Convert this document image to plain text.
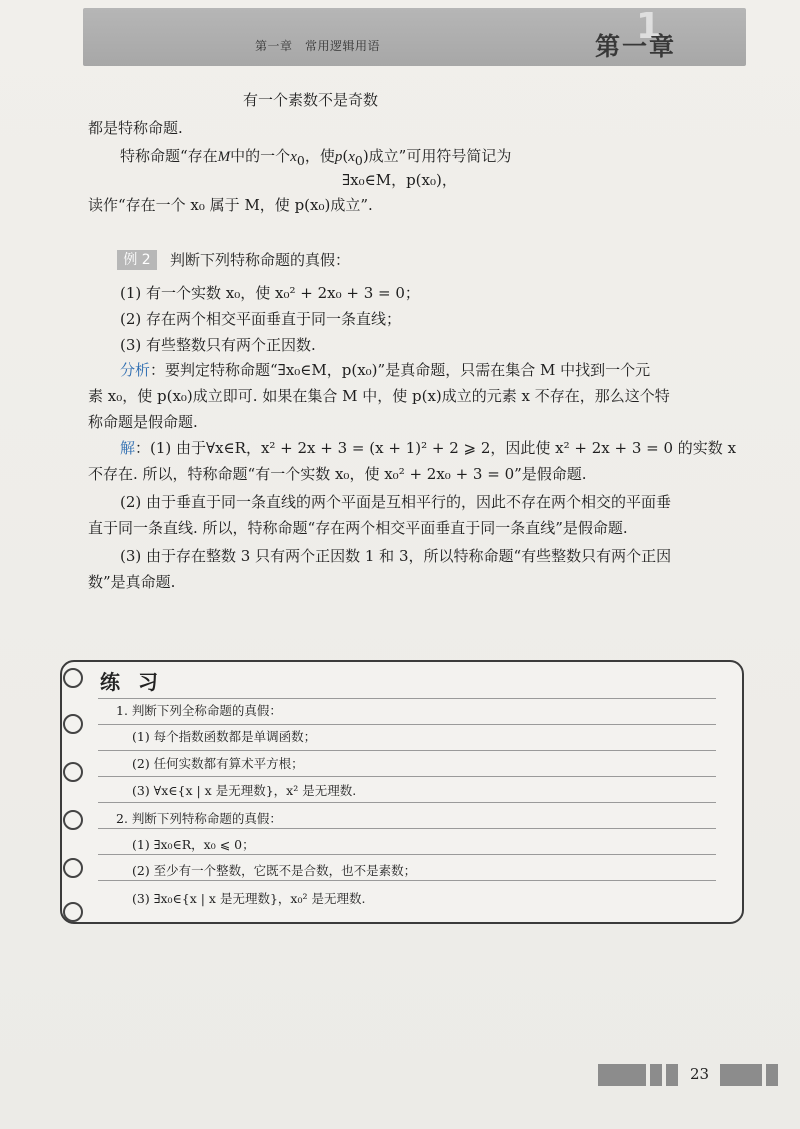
第一章　常用逻辑用语	1
第一章
有一个素数不是奇数
都是特称命题.
特称命题“存在M中的一个$x_0$，使$p(x_0)$成立”可用符号简记为
∃x₀∈M，p(x₀)，
读作“存在一个 x₀ 属于 M，使 p(x₀)成立”.
例 2	判断下列特称命题的真假：
(1) 有一个实数 x₀，使 x₀² + 2x₀ + 3 = 0；
(2) 存在两个相交平面垂直于同一条直线；
(3) 有些整数只有两个正因数.
分析：要判定特称命题“∃x₀∈M，p(x₀)”是真命题，只需在集合 M 中找到一个元
素 x₀，使 p(x₀)成立即可. 如果在集合 M 中，使 p(x)成立的元素 x 不存在，那么这个特
称命题是假命题.
解：(1) 由于∀x∈R，x² + 2x + 3 = (x + 1)² + 2 ⩾ 2，因此使 x² + 2x + 3 = 0 的实数 x
不存在. 所以，特称命题“有一个实数 x₀，使 x₀² + 2x₀ + 3 = 0”是假命题.
(2) 由于垂直于同一条直线的两个平面是互相平行的，因此不存在两个相交的平面垂
直于同一条直线. 所以，特称命题“存在两个相交平面垂直于同一条直线”是假命题.
(3) 由于存在整数 3 只有两个正因数 1 和 3，所以特称命题“有些整数只有两个正因
数”是真命题.
练习
1. 判断下列全称命题的真假：
(1) 每个指数函数都是单调函数；
(2) 任何实数都有算术平方根；
(3) ∀x∈{x | x 是无理数}，x² 是无理数.
2. 判断下列特称命题的真假：
(1) ∃x₀∈R，x₀ ⩽ 0；
(2) 至少有一个整数，它既不是合数，也不是素数；
(3) ∃x₀∈{x | x 是无理数}，x₀² 是无理数.
23
